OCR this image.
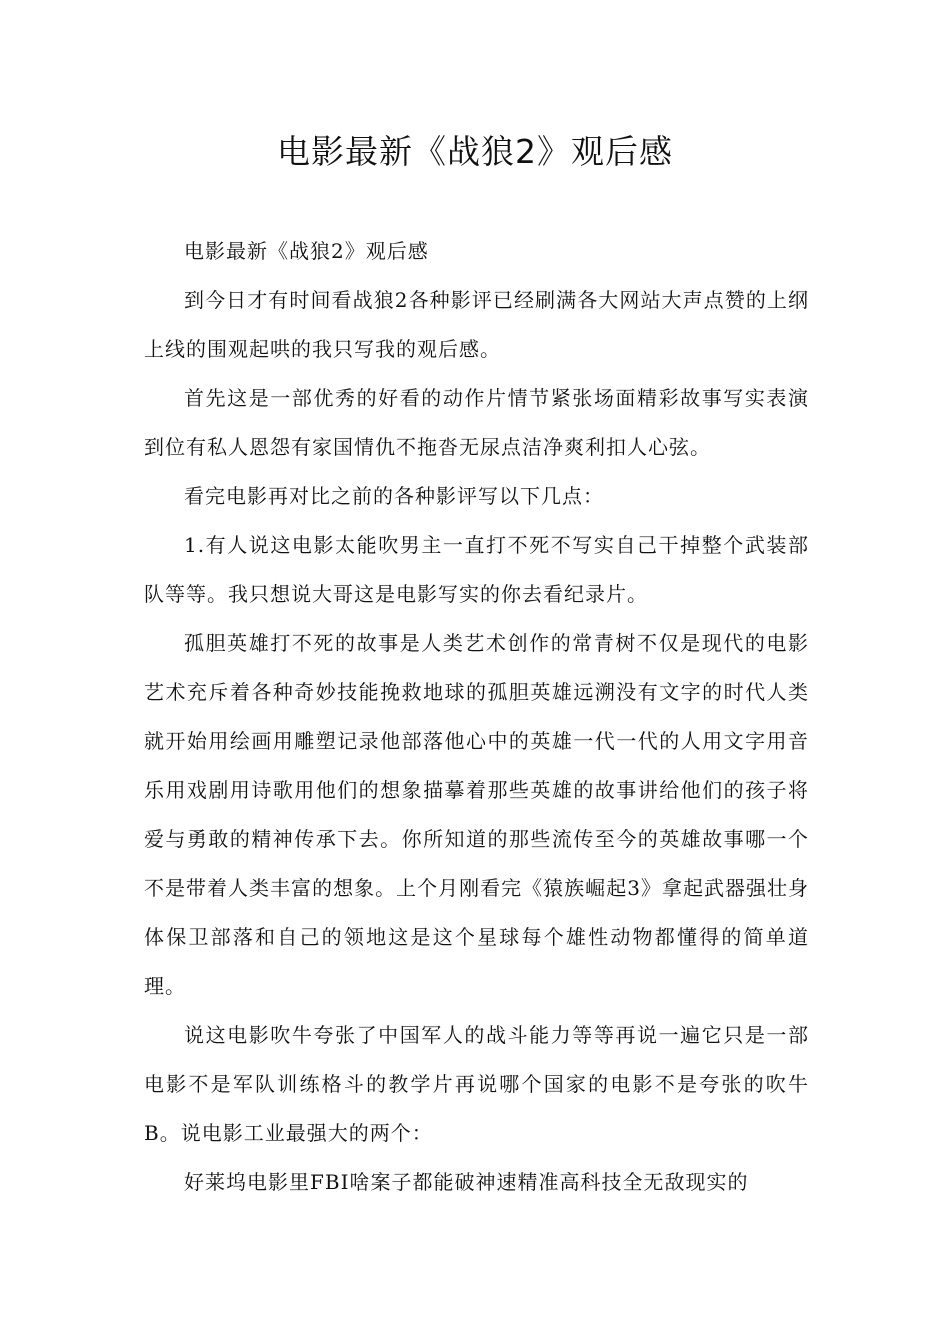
电影最新《战狼2》观后感

电影最新《战狼2》观后感

到今日才有时间看战狼2各种影评已经刷满各大网站大声点赞的上纲上线的围观起哄的我只写我的观后感。

首先这是一部优秀的好看的动作片情节紧张场面精彩故事写实表演到位有私人恩怨有家国情仇不拖沓无尿点洁净爽利扣人心弦。

看完电影再对比之前的各种影评写以下几点：

1.有人说这电影太能吹男主一直打不死不写实自己干掉整个武装部队等等。我只想说大哥这是电影写实的你去看纪录片。

孤胆英雄打不死的故事是人类艺术创作的常青树不仅是现代的电影艺术充斥着各种奇妙技能挽救地球的孤胆英雄远溯没有文字的时代人类就开始用绘画用雕塑记录他部落他心中的英雄一代一代的人用文字用音乐用戏剧用诗歌用他们的想象描摹着那些英雄的故事讲给他们的孩子将爱与勇敢的精神传承下去。你所知道的那些流传至今的英雄故事哪一个不是带着人类丰富的想象。上个月刚看完《猿族崛起3》拿起武器强壮身体保卫部落和自己的领地这是这个星球每个雄性动物都懂得的简单道理。

说这电影吹牛夸张了中国军人的战斗能力等等再说一遍它只是一部电影不是军队训练格斗的教学片再说哪个国家的电影不是夸张的吹牛B。说电影工业最强大的两个：

好莱坞电影里FBI啥案子都能破神速精准高科技全无敌现实的
